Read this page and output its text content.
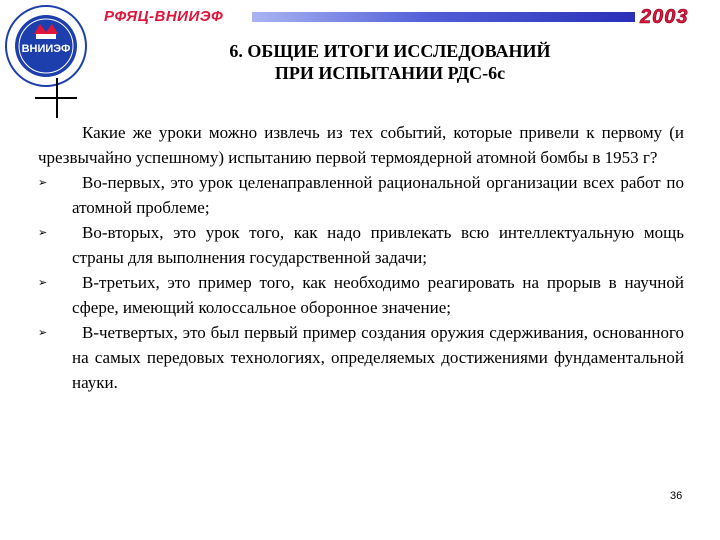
ВНИИЭФ
РФЯЦ-ВНИИЭФ	2003
6. ОБЩИЕ ИТОГИ ИССЛЕДОВАНИЙ
ПРИ ИСПЫТАНИИ РДС-6с

Какие же уроки можно извлечь из тех событий, которые привели к первому (и чрезвычайно успешному) испытанию первой термоядерной атомной бомбы в 1953 г?

➢ Во-первых, это урок целенаправленной рациональной организации всех работ по атомной проблеме;
➢ Во-вторых, это урок того, как надо привлекать всю интеллектуальную мощь страны для выполнения государственной задачи;
➢ В-третьих, это пример того, как необходимо реагировать на прорыв в научной сфере, имеющий колоссальное оборонное значение;
➢ В-четвертых, это был первый пример создания оружия сдерживания, основанного на самых передовых технологиях, определяемых достижениями фундаментальной науки.
36
